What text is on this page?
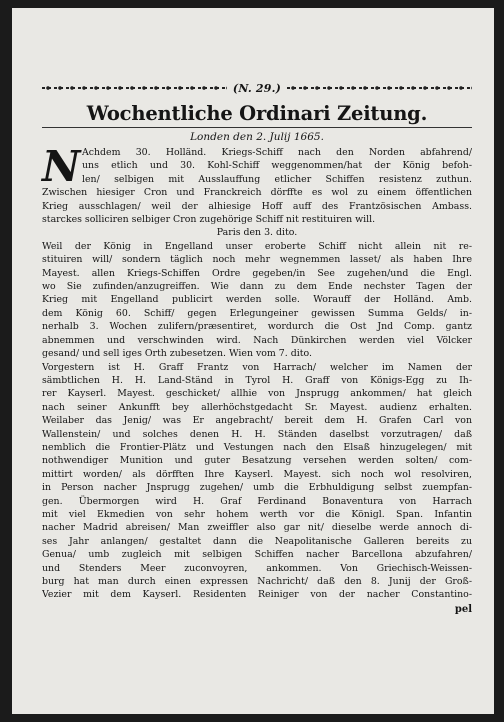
(N. 29.)
Wochentliche Ordinari Zeitung.
Londen den 2. Julij 1665.
N Achdem 30. Holländ. Kriegs-Schiff nach den Norden abfahrend/
uns etlich und 30. Kohl-Schiff weggenommen/hat der König befoh-
len/ selbigen mit Ausslauffung etlicher Schiffen resistenz zuthun.
Zwischen hiesiger Cron und Franckreich dörffte es wol zu einem öffentlichen
Krieg ausschlagen/ weil der alhiesige Hoff auff des Frantzösischen Ambass.
starckes solliciren selbiger Cron zugehörige Schiff nit restituiren will.
Paris den 3. dito.
Weil der König in Engelland unser eroberte Schiff nicht allein nit re-
stituiren will/ sondern täglich noch mehr wegnemmen lasset/ als haben Ihre
Mayest. allen Kriegs-Schiffen Ordre gegeben/in See zugehen/und die Engl.
wo Sie zufinden/anzugreiffen. Wie dann zu dem Ende nechster Tagen der
Krieg mit Engelland publicirt werden solle. Worauff der Holländ. Amb.
dem König 60. Schiff/ gegen Erlegungeiner gewissen Summa Gelds/ in-
nerhalb 3. Wochen zulifern/præsentiret, wordurch die Ost Jnd Comp. gantz
abnemmen und verschwinden wird. Nach Dünkirchen werden viel Völcker
gesand/ und sell iges Orth zubesetzen. Wien vom 7. dito.
Vorgestern ist H. Graff Frantz von Harrach/ welcher im Namen der
sämbtlichen H. H. Land-Ständ in Tyrol H. Graff von Königs-Egg zu Ih-
rer Kayserl. Mayest. geschicket/ allhie von Jnsprugg ankommen/ hat gleich
nach seiner Ankunfft bey allerhöchstgedacht Sr. Mayest. audienz erhalten.
Weilaber das Jenig/ was Er angebracht/ bereit dem H. Grafen Carl von
Wallenstein/ und solches denen H. H. Ständen daselbst vorzutragen/ daß
nemblich die Frontier-Plätz und Vestungen nach den Elsaß hinzugelegen/ mit
nothwendiger Munition und guter Besatzung versehen werden solten/ com-
mittirt worden/ als dörfften Ihre Kayserl. Mayest. sich noch wol resolviren,
in Person nacher Jnsprugg zugehen/ umb die Erbhuldigung selbst zuempfan-
gen. Übermorgen wird H. Graf Ferdinand Bonaventura von Harrach
mit viel Ekmedien von sehr hohem werth vor die Königl. Span. Infantin
nacher Madrid abreisen/ Man zweiffler also gar nit/ dieselbe werde annoch di-
ses Jahr anlangen/ gestaltet dann die Neapolitanische Galleren bereits zu
Genua/ umb zugleich mit selbigen Schiffen nacher Barcellona abzufahren/
und Stenders Meer zuconvoyren, ankommen. Von Griechisch-Weissen-
burg hat man durch einen expressen Nachricht/ daß den 8. Junij der Groß-
Vezier mit dem Kayserl. Residenten Reiniger von der nacher Constantino-
pel
